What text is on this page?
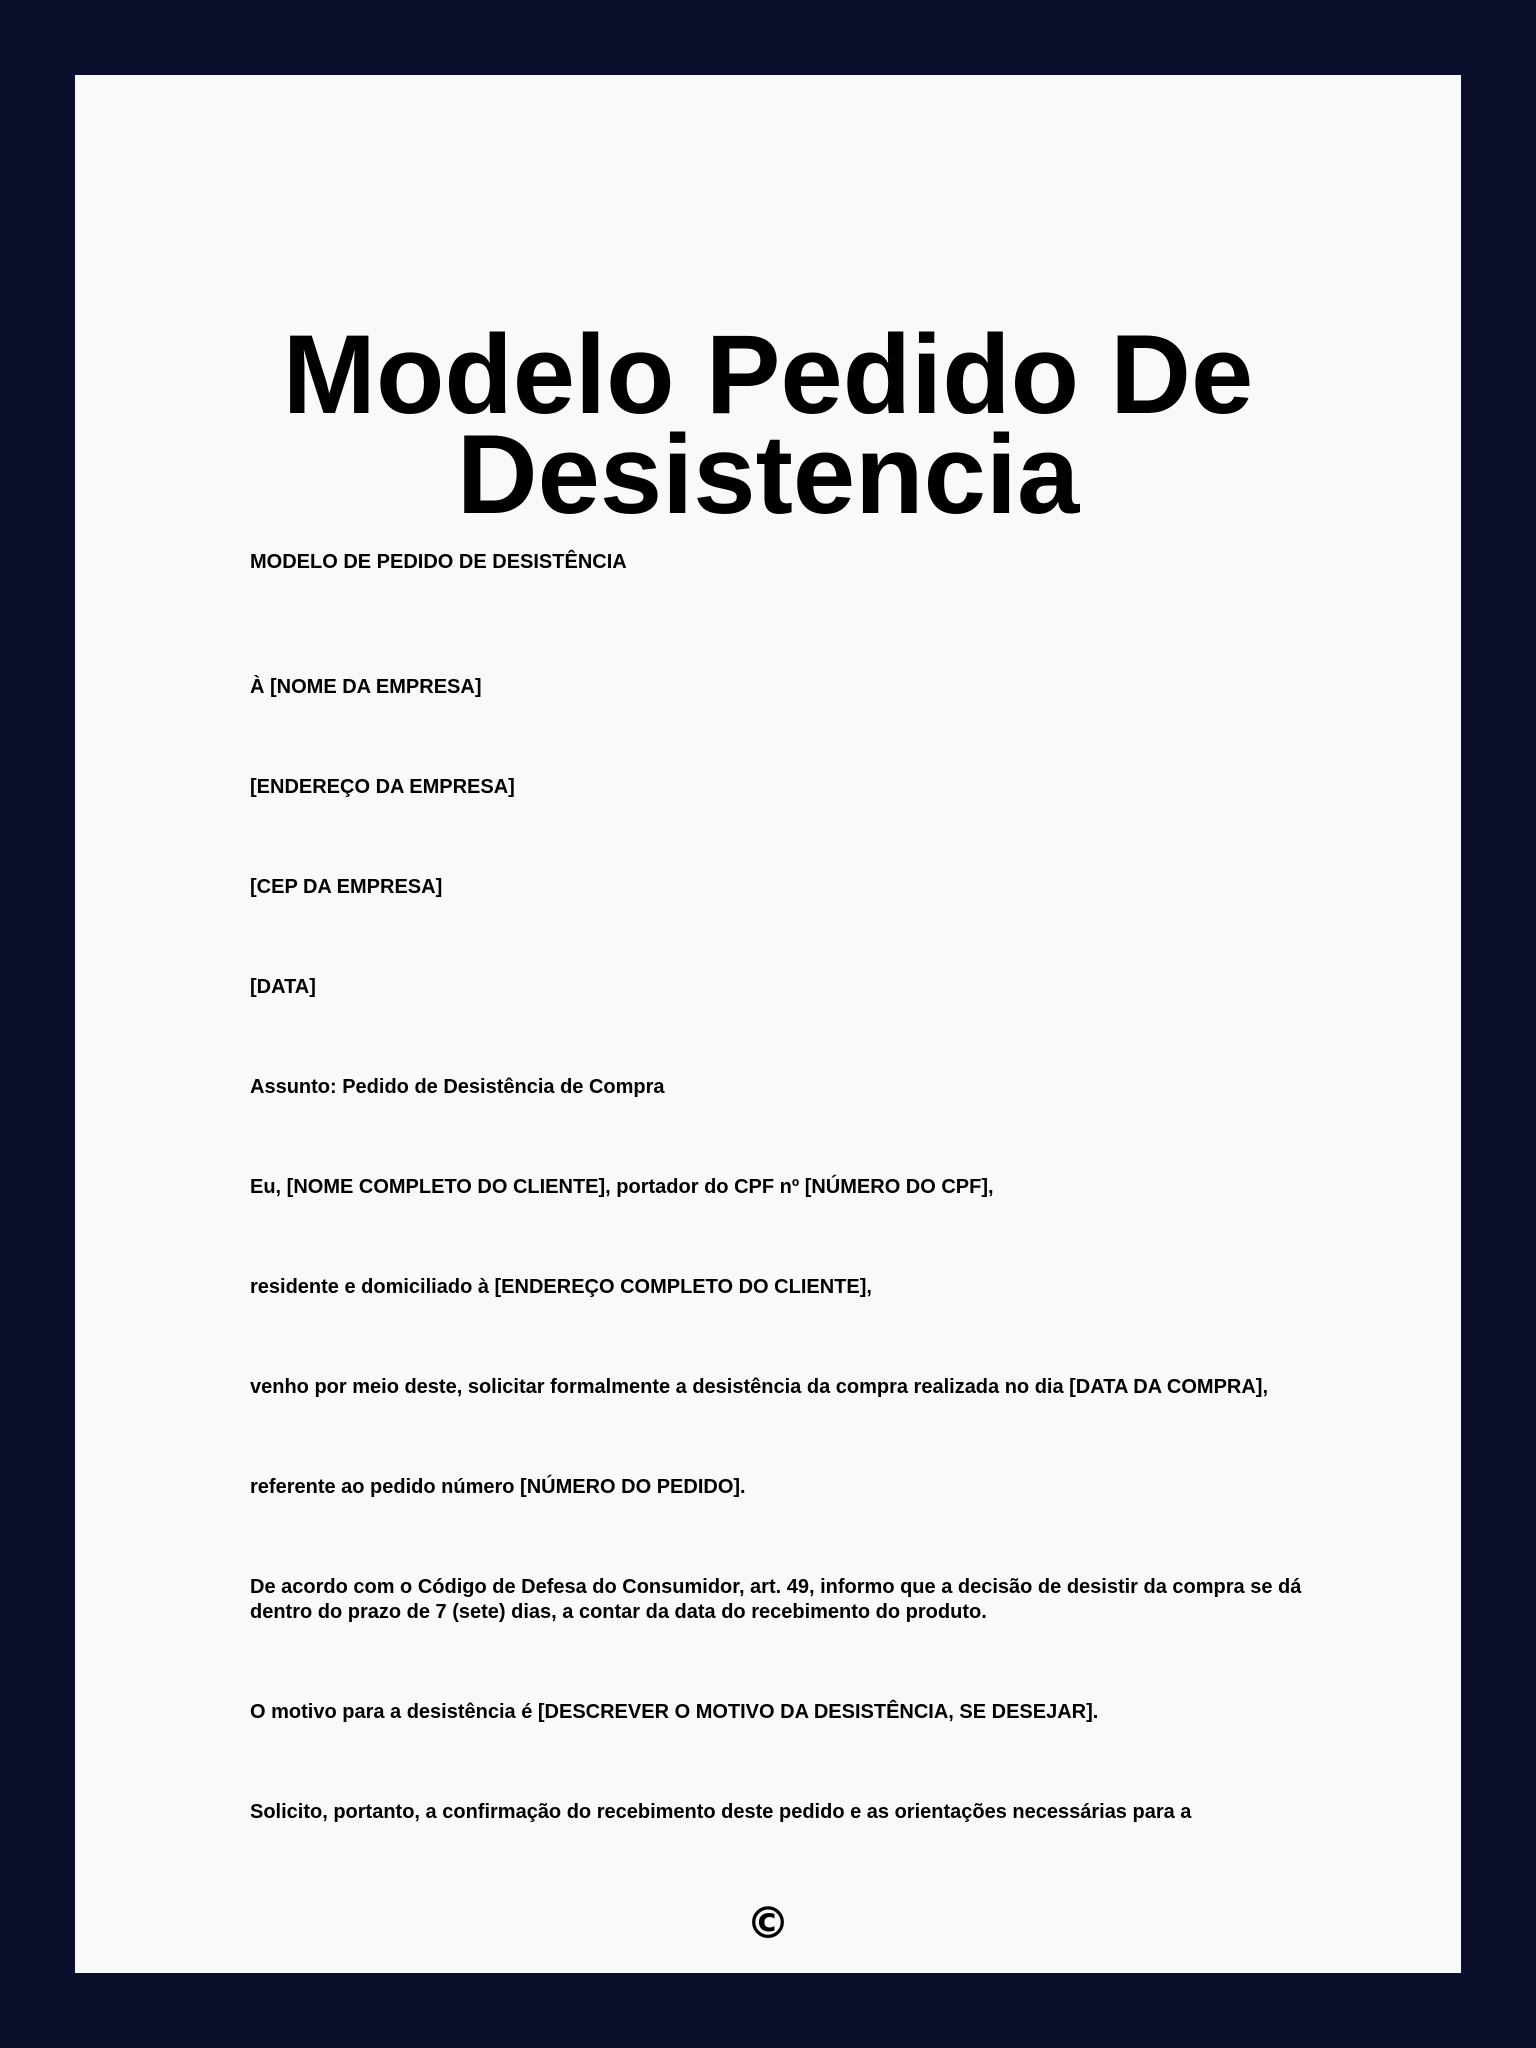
Modelo Pedido De
Desistencia

MODELO DE PEDIDO DE DESISTÊNCIA

À [NOME DA EMPRESA]

[ENDEREÇO DA EMPRESA]

[CEP DA EMPRESA]

[DATA]

Assunto: Pedido de Desistência de Compra

Eu, [NOME COMPLETO DO CLIENTE], portador do CPF nº [NÚMERO DO CPF],

residente e domiciliado à [ENDEREÇO COMPLETO DO CLIENTE],

venho por meio deste, solicitar formalmente a desistência da compra realizada no dia [DATA DA COMPRA],

referente ao pedido número [NÚMERO DO PEDIDO].

De acordo com o Código de Defesa do Consumidor, art. 49, informo que a decisão de desistir da compra se dá dentro do prazo de 7 (sete) dias, a contar da data do recebimento do produto.

O motivo para a desistência é [DESCREVER O MOTIVO DA DESISTÊNCIA, SE DESEJAR].

Solicito, portanto, a confirmação do recebimento deste pedido e as orientações necessárias para a

©
